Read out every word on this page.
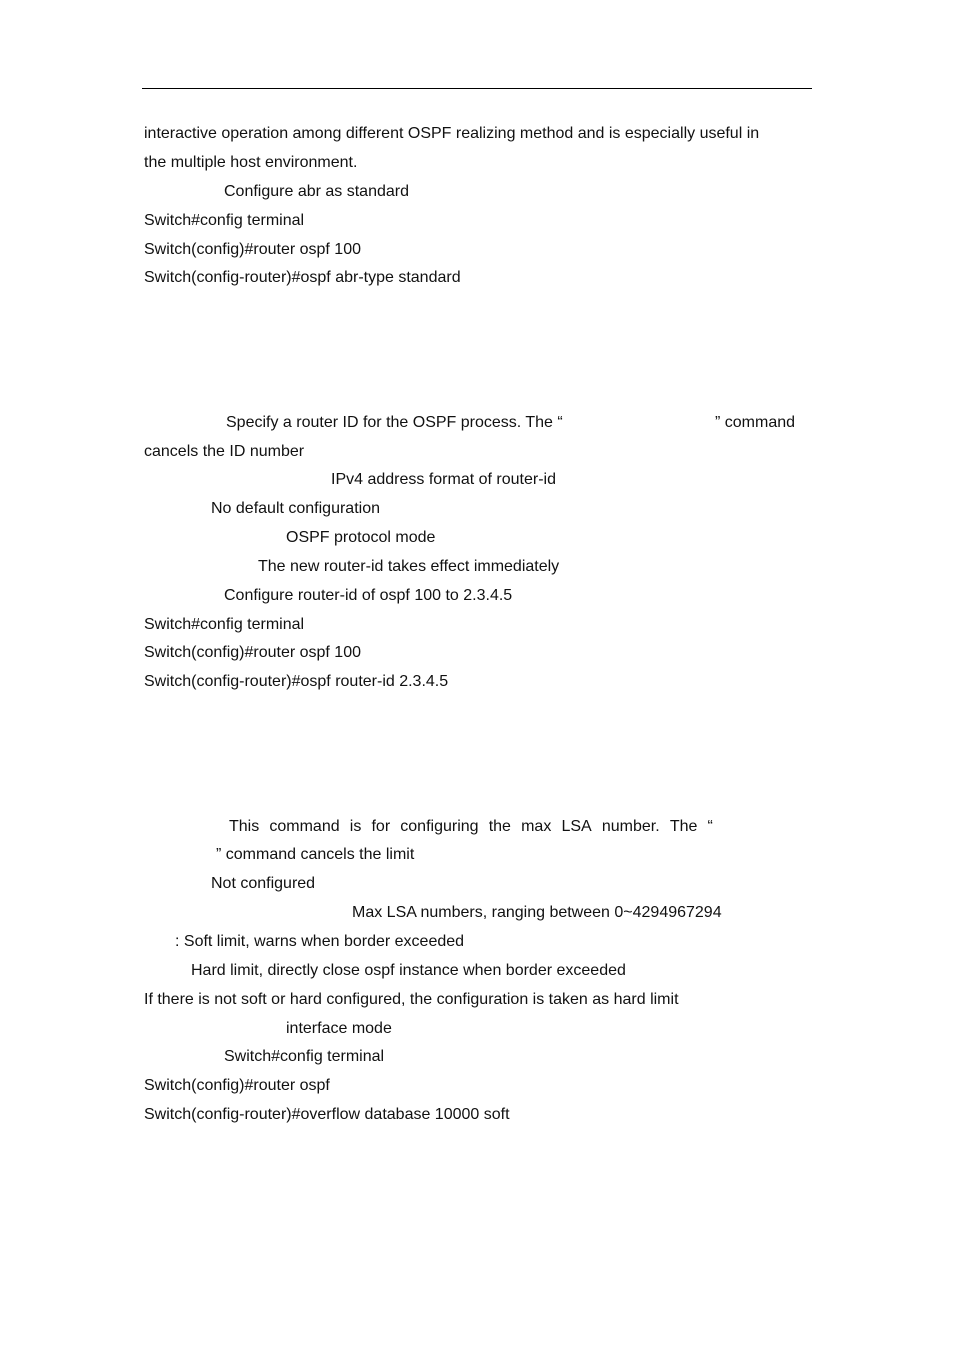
interactive operation among different OSPF realizing method and is especially useful in
the multiple host environment.
Configure abr as standard
Switch#config terminal
Switch(config)#router ospf 100
Switch(config-router)#ospf abr-type standard
Specify a router ID for the OSPF process. The “	” command
cancels the ID number
IPv4 address format of router-id
No default configuration
OSPF protocol mode
The new router-id takes effect immediately
Configure router-id of ospf 100 to 2.3.4.5
Switch#config terminal
Switch(config)#router ospf 100
Switch(config-router)#ospf router-id 2.3.4.5
This command is for configuring the max LSA number. The “
” command cancels the limit
Not configured
Max LSA numbers, ranging between 0~4294967294
: Soft limit, warns when border exceeded
Hard limit, directly close ospf instance when border exceeded
If there is not soft or hard configured, the configuration is taken as hard limit
interface mode
Switch#config terminal
Switch(config)#router ospf
Switch(config-router)#overflow database 10000 soft
